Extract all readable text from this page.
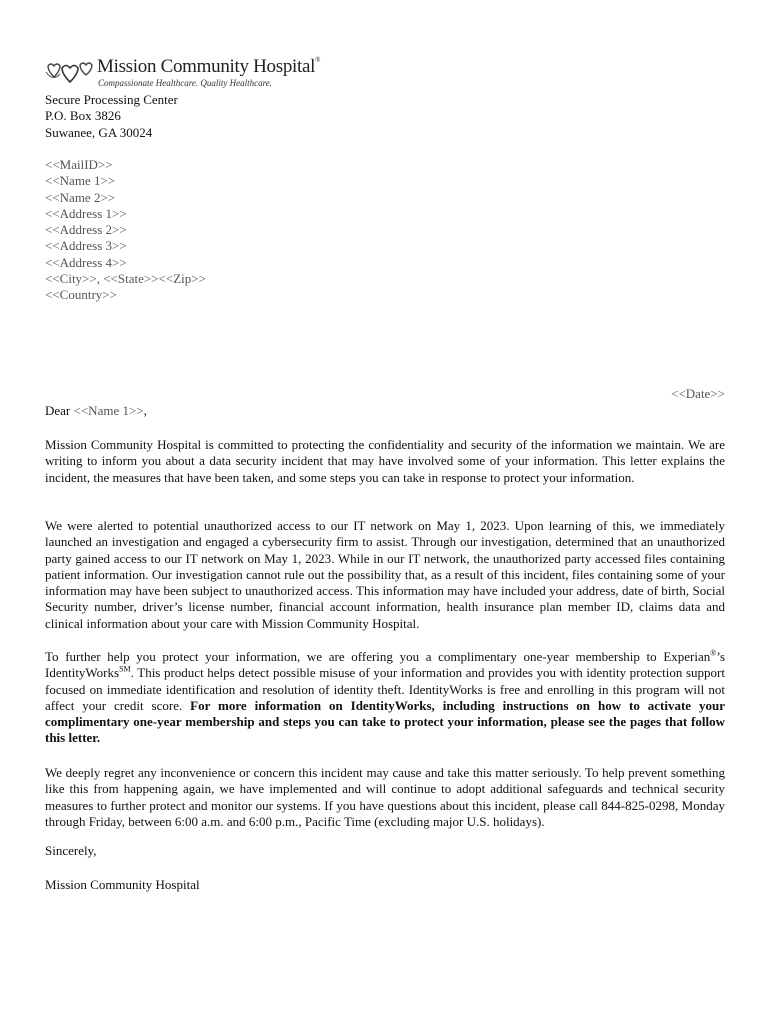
Mission Community Hospital®
Compassionate Healthcare. Quality Healthcare.
Secure Processing Center
P.O. Box 3826
Suwanee, GA 30024
<<MailID>>
<<Name 1>>
<<Name 2>>
<<Address 1>>
<<Address 2>>
<<Address 3>>
<<Address 4>>
<<City>>, <<State>><<Zip>>
<<Country>>
<<Date>>
Dear <<Name 1>>,

Mission Community Hospital is committed to protecting the confidentiality and security of the information we maintain. We are writing to inform you about a data security incident that may have involved some of your information. This letter explains the incident, the measures that have been taken, and some steps you can take in response to protect your information.

We were alerted to potential unauthorized access to our IT network on May 1, 2023. Upon learning of this, we immediately launched an investigation and engaged a cybersecurity firm to assist. Through our investigation, determined that an unauthorized party gained access to our IT network on May 1, 2023. While in our IT network, the unauthorized party accessed files containing patient information. Our investigation cannot rule out the possibility that, as a result of this incident, files containing some of your information may have been subject to unauthorized access. This information may have included your address, date of birth, Social Security number, driver’s license number, financial account information, health insurance plan member ID, claims data and clinical information about your care with Mission Community Hospital.

To further help you protect your information, we are offering you a complimentary one-year membership to Experian®’s IdentityWorks℠. This product helps detect possible misuse of your information and provides you with identity protection support focused on immediate identification and resolution of identity theft. IdentityWorks is free and enrolling in this program will not affect your credit score. For more information on IdentityWorks, including instructions on how to activate your complimentary one-year membership and steps you can take to protect your information, please see the pages that follow this letter.

We deeply regret any inconvenience or concern this incident may cause and take this matter seriously. To help prevent something like this from happening again, we have implemented and will continue to adopt additional safeguards and technical security measures to further protect and monitor our systems. If you have questions about this incident, please call 844-825-0298, Monday through Friday, between 6:00 a.m. and 6:00 p.m., Pacific Time (excluding major U.S. holidays).

Sincerely,
Mission Community Hospital
